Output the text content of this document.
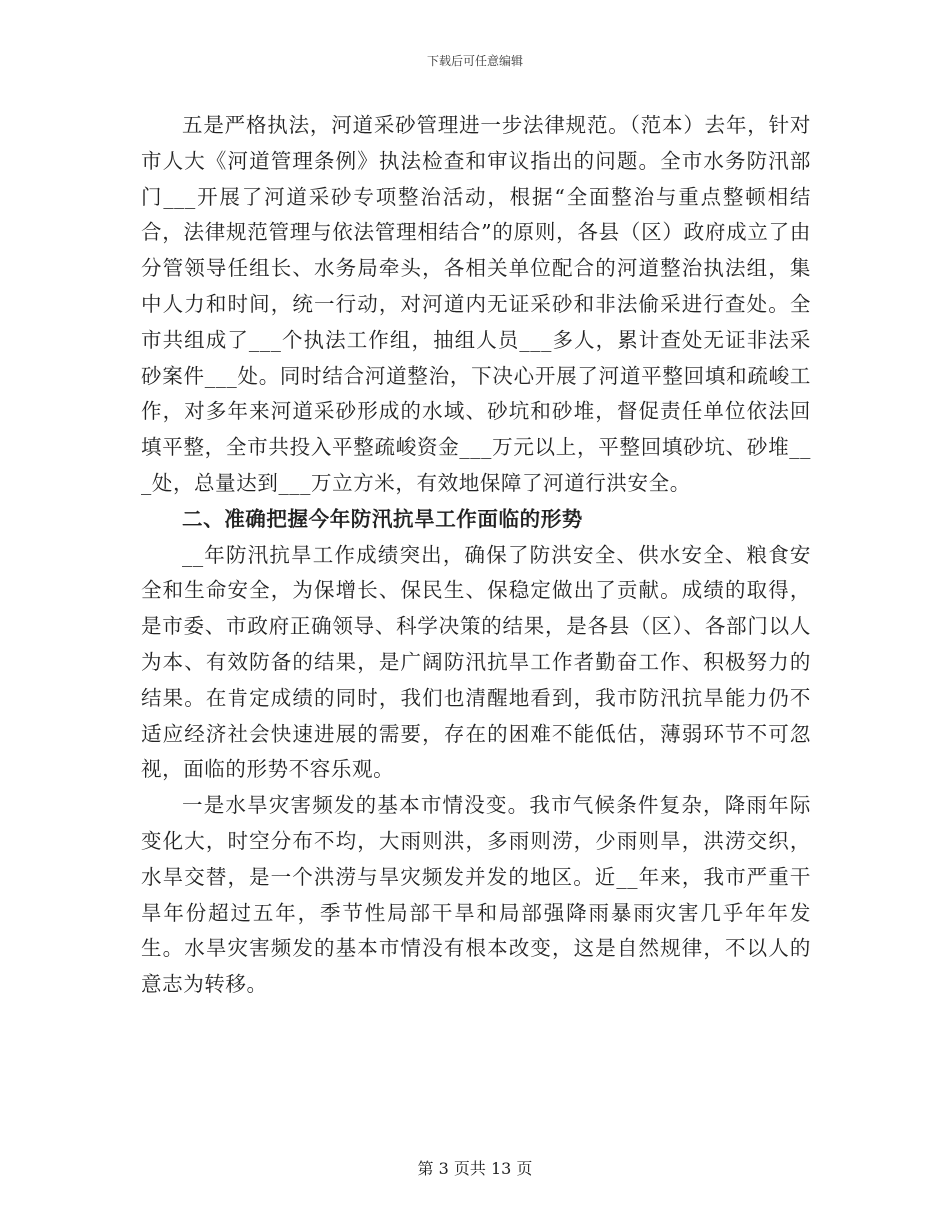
下载后可任意编辑

五是严格执法，河道采砂管理进一步法律规范。（范本）去年，针对市人大《河道管理条例》执法检查和审议指出的问题。全市水务防汛部门___开展了河道采砂专项整治活动，根据“全面整治与重点整顿相结合，法律规范管理与依法管理相结合”的原则，各县（区）政府成立了由分管领导任组长、水务局牵头，各相关单位配合的河道整治执法组，集中人力和时间，统一行动，对河道内无证采砂和非法偷采进行查处。全市共组成了___个执法工作组，抽组人员___多人，累计查处无证非法采砂案件___处。同时结合河道整治，下决心开展了河道平整回填和疏峻工作，对多年来河道采砂形成的水域、砂坑和砂堆，督促责任单位依法回填平整，全市共投入平整疏峻资金___万元以上，平整回填砂坑、砂堆___处，总量达到___万立方米，有效地保障了河道行洪安全。

二、准确把握今年防汛抗旱工作面临的形势

__年防汛抗旱工作成绩突出，确保了防洪安全、供水安全、粮食安全和生命安全，为保增长、保民生、保稳定做出了贡献。成绩的取得，是市委、市政府正确领导、科学决策的结果，是各县（区）、各部门以人为本、有效防备的结果，是广阔防汛抗旱工作者勤奋工作、积极努力的结果。在肯定成绩的同时，我们也清醒地看到，我市防汛抗旱能力仍不适应经济社会快速进展的需要，存在的困难不能低估，薄弱环节不可忽视，面临的形势不容乐观。

一是水旱灾害频发的基本市情没变。我市气候条件复杂，降雨年际变化大，时空分布不均，大雨则洪，多雨则涝，少雨则旱，洪涝交织，水旱交替，是一个洪涝与旱灾频发并发的地区。近__年来，我市严重干旱年份超过五年，季节性局部干旱和局部强降雨暴雨灾害几乎年年发生。水旱灾害频发的基本市情没有根本改变，这是自然规律，不以人的意志为转移。

第 3 页共 13 页
